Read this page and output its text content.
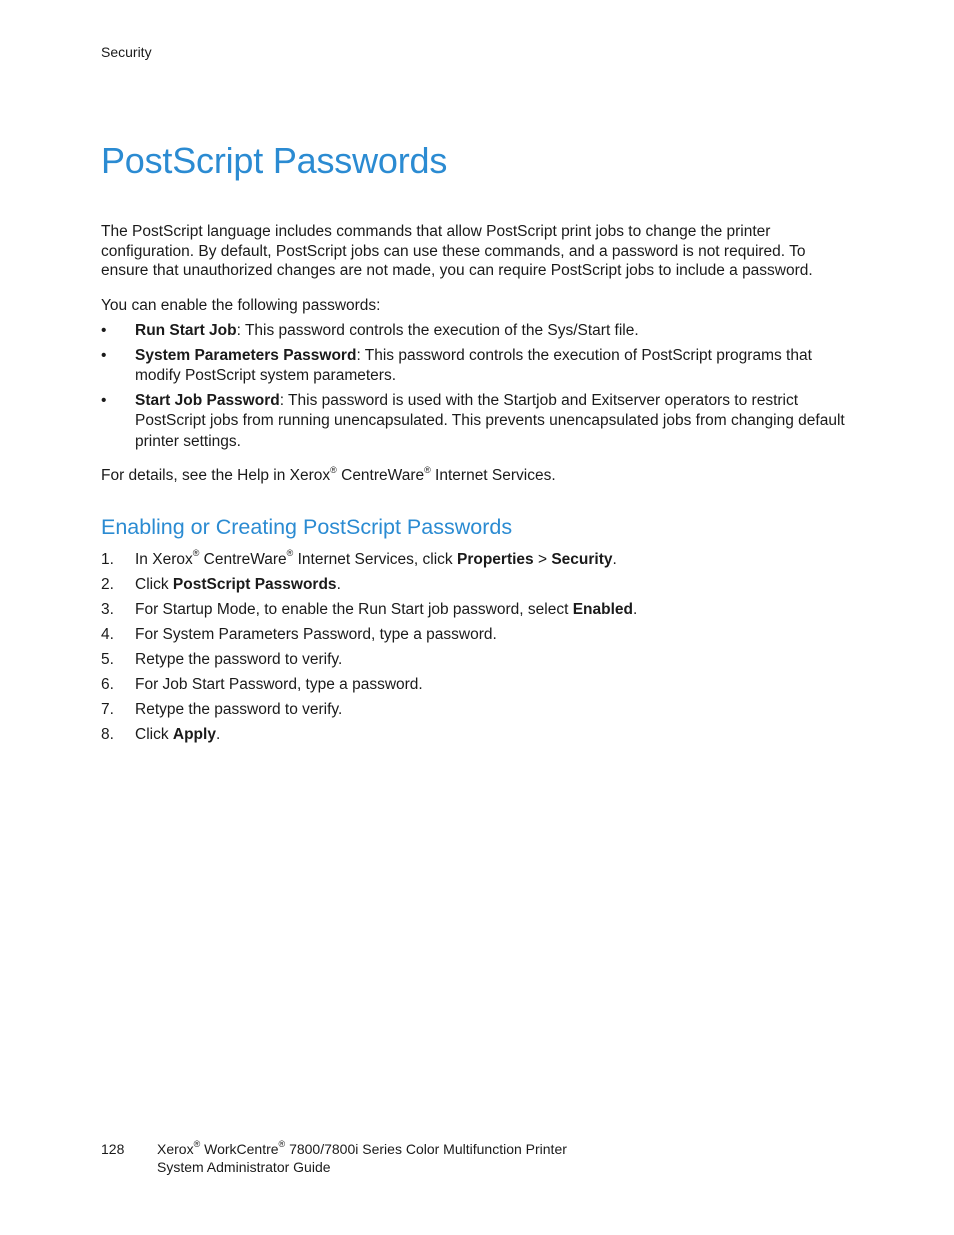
Security
PostScript Passwords

The PostScript language includes commands that allow PostScript print jobs to change the printer configuration. By default, PostScript jobs can use these commands, and a password is not required. To ensure that unauthorized changes are not made, you can require PostScript jobs to include a password.

You can enable the following passwords:

• Run Start Job: This password controls the execution of the Sys/Start file.
• System Parameters Password: This password controls the execution of PostScript programs that modify PostScript system parameters.
• Start Job Password: This password is used with the Startjob and Exitserver operators to restrict PostScript jobs from running unencapsulated. This prevents unencapsulated jobs from changing default printer settings.

For details, see the Help in Xerox® CentreWare® Internet Services.

Enabling or Creating PostScript Passwords
1. In Xerox® CentreWare® Internet Services, click Properties > Security.
2. Click PostScript Passwords.
3. For Startup Mode, to enable the Run Start job password, select Enabled.
4. For System Parameters Password, type a password.
5. Retype the password to verify.
6. For Job Start Password, type a password.
7. Retype the password to verify.
8. Click Apply.
128 Xerox® WorkCentre® 7800/7800i Series Color Multifunction Printer
System Administrator Guide
